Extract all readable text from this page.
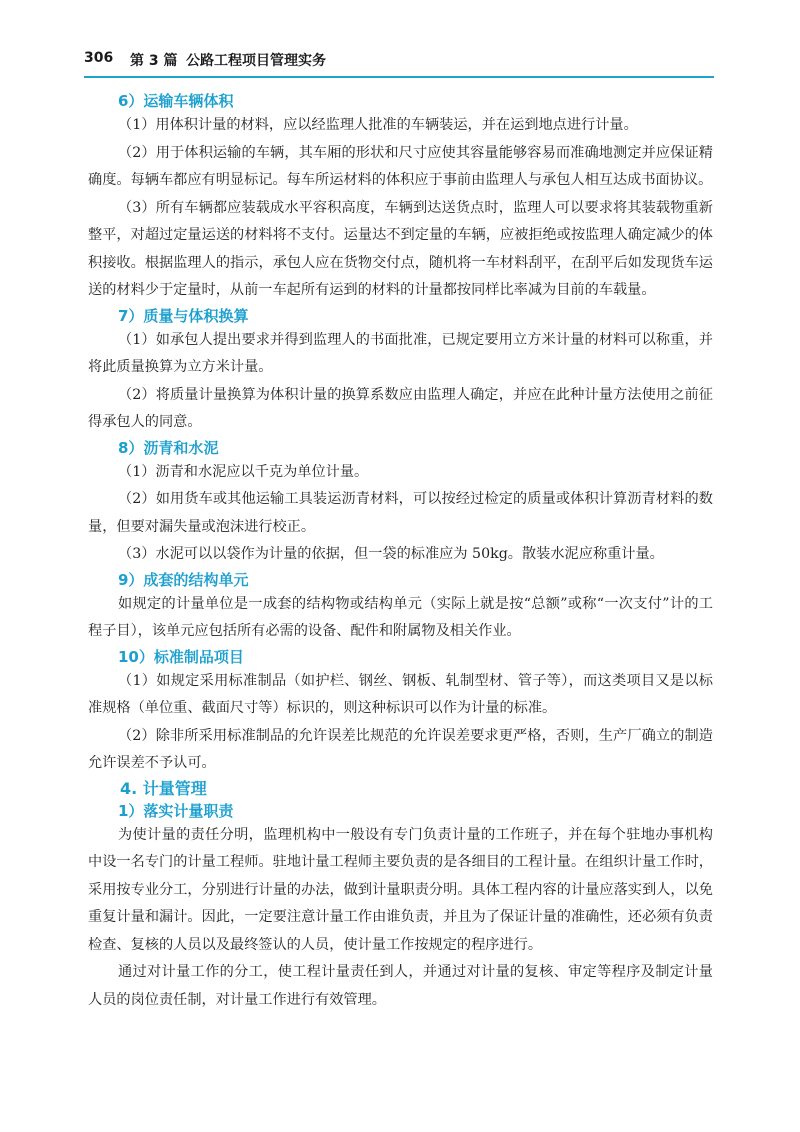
306 第 3 篇 公路工程项目管理实务
6）运输车辆体积

（1）用体积计量的材料，应以经监理人批准的车辆装运，并在运到地点进行计量。

（2）用于体积运输的车辆，其车厢的形状和尺寸应使其容量能够容易而准确地测定并应保证精确度。每辆车都应有明显标记。每车所运材料的体积应于事前由监理人与承包人相互达成书面协议。

（3）所有车辆都应装载成水平容积高度，车辆到达送货点时，监理人可以要求将其装载物重新整平，对超过定量运送的材料将不支付。运量达不到定量的车辆，应被拒绝或按监理人确定减少的体积接收。根据监理人的指示，承包人应在货物交付点，随机将一车材料刮平，在刮平后如发现货车运送的材料少于定量时，从前一车起所有运到的材料的计量都按同样比率减为目前的车载量。

7）质量与体积换算

（1）如承包人提出要求并得到监理人的书面批准，已规定要用立方米计量的材料可以称重，并将此质量换算为立方米计量。

（2）将质量计量换算为体积计量的换算系数应由监理人确定，并应在此种计量方法使用之前征得承包人的同意。

8）沥青和水泥

（1）沥青和水泥应以千克为单位计量。

（2）如用货车或其他运输工具装运沥青材料，可以按经过检定的质量或体积计算沥青材料的数量，但要对漏失量或泡沫进行校正。

（3）水泥可以以袋作为计量的依据，但一袋的标准应为 50kg。散装水泥应称重计量。

9）成套的结构单元

如规定的计量单位是一成套的结构物或结构单元（实际上就是按“总额”或称“一次支付”计的工程子目），该单元应包括所有必需的设备、配件和附属物及相关作业。

10）标准制品项目

（1）如规定采用标准制品（如护栏、钢丝、钢板、轧制型材、管子等），而这类项目又是以标准规格（单位重、截面尺寸等）标识的，则这种标识可以作为计量的标准。

（2）除非所采用标准制品的允许误差比规范的允许误差要求更严格，否则，生产厂确立的制造允许误差不予认可。

4. 计量管理
1）落实计量职责

为使计量的责任分明，监理机构中一般设有专门负责计量的工作班子，并在每个驻地办事机构中设一名专门的计量工程师。驻地计量工程师主要负责的是各细目的工程计量。在组织计量工作时，采用按专业分工，分别进行计量的办法，做到计量职责分明。具体工程内容的计量应落实到人，以免重复计量和漏计。因此，一定要注意计量工作由谁负责，并且为了保证计量的准确性，还必须有负责检查、复核的人员以及最终签认的人员，使计量工作按规定的程序进行。

通过对计量工作的分工，使工程计量责任到人，并通过对计量的复核、审定等程序及制定计量人员的岗位责任制，对计量工作进行有效管理。
